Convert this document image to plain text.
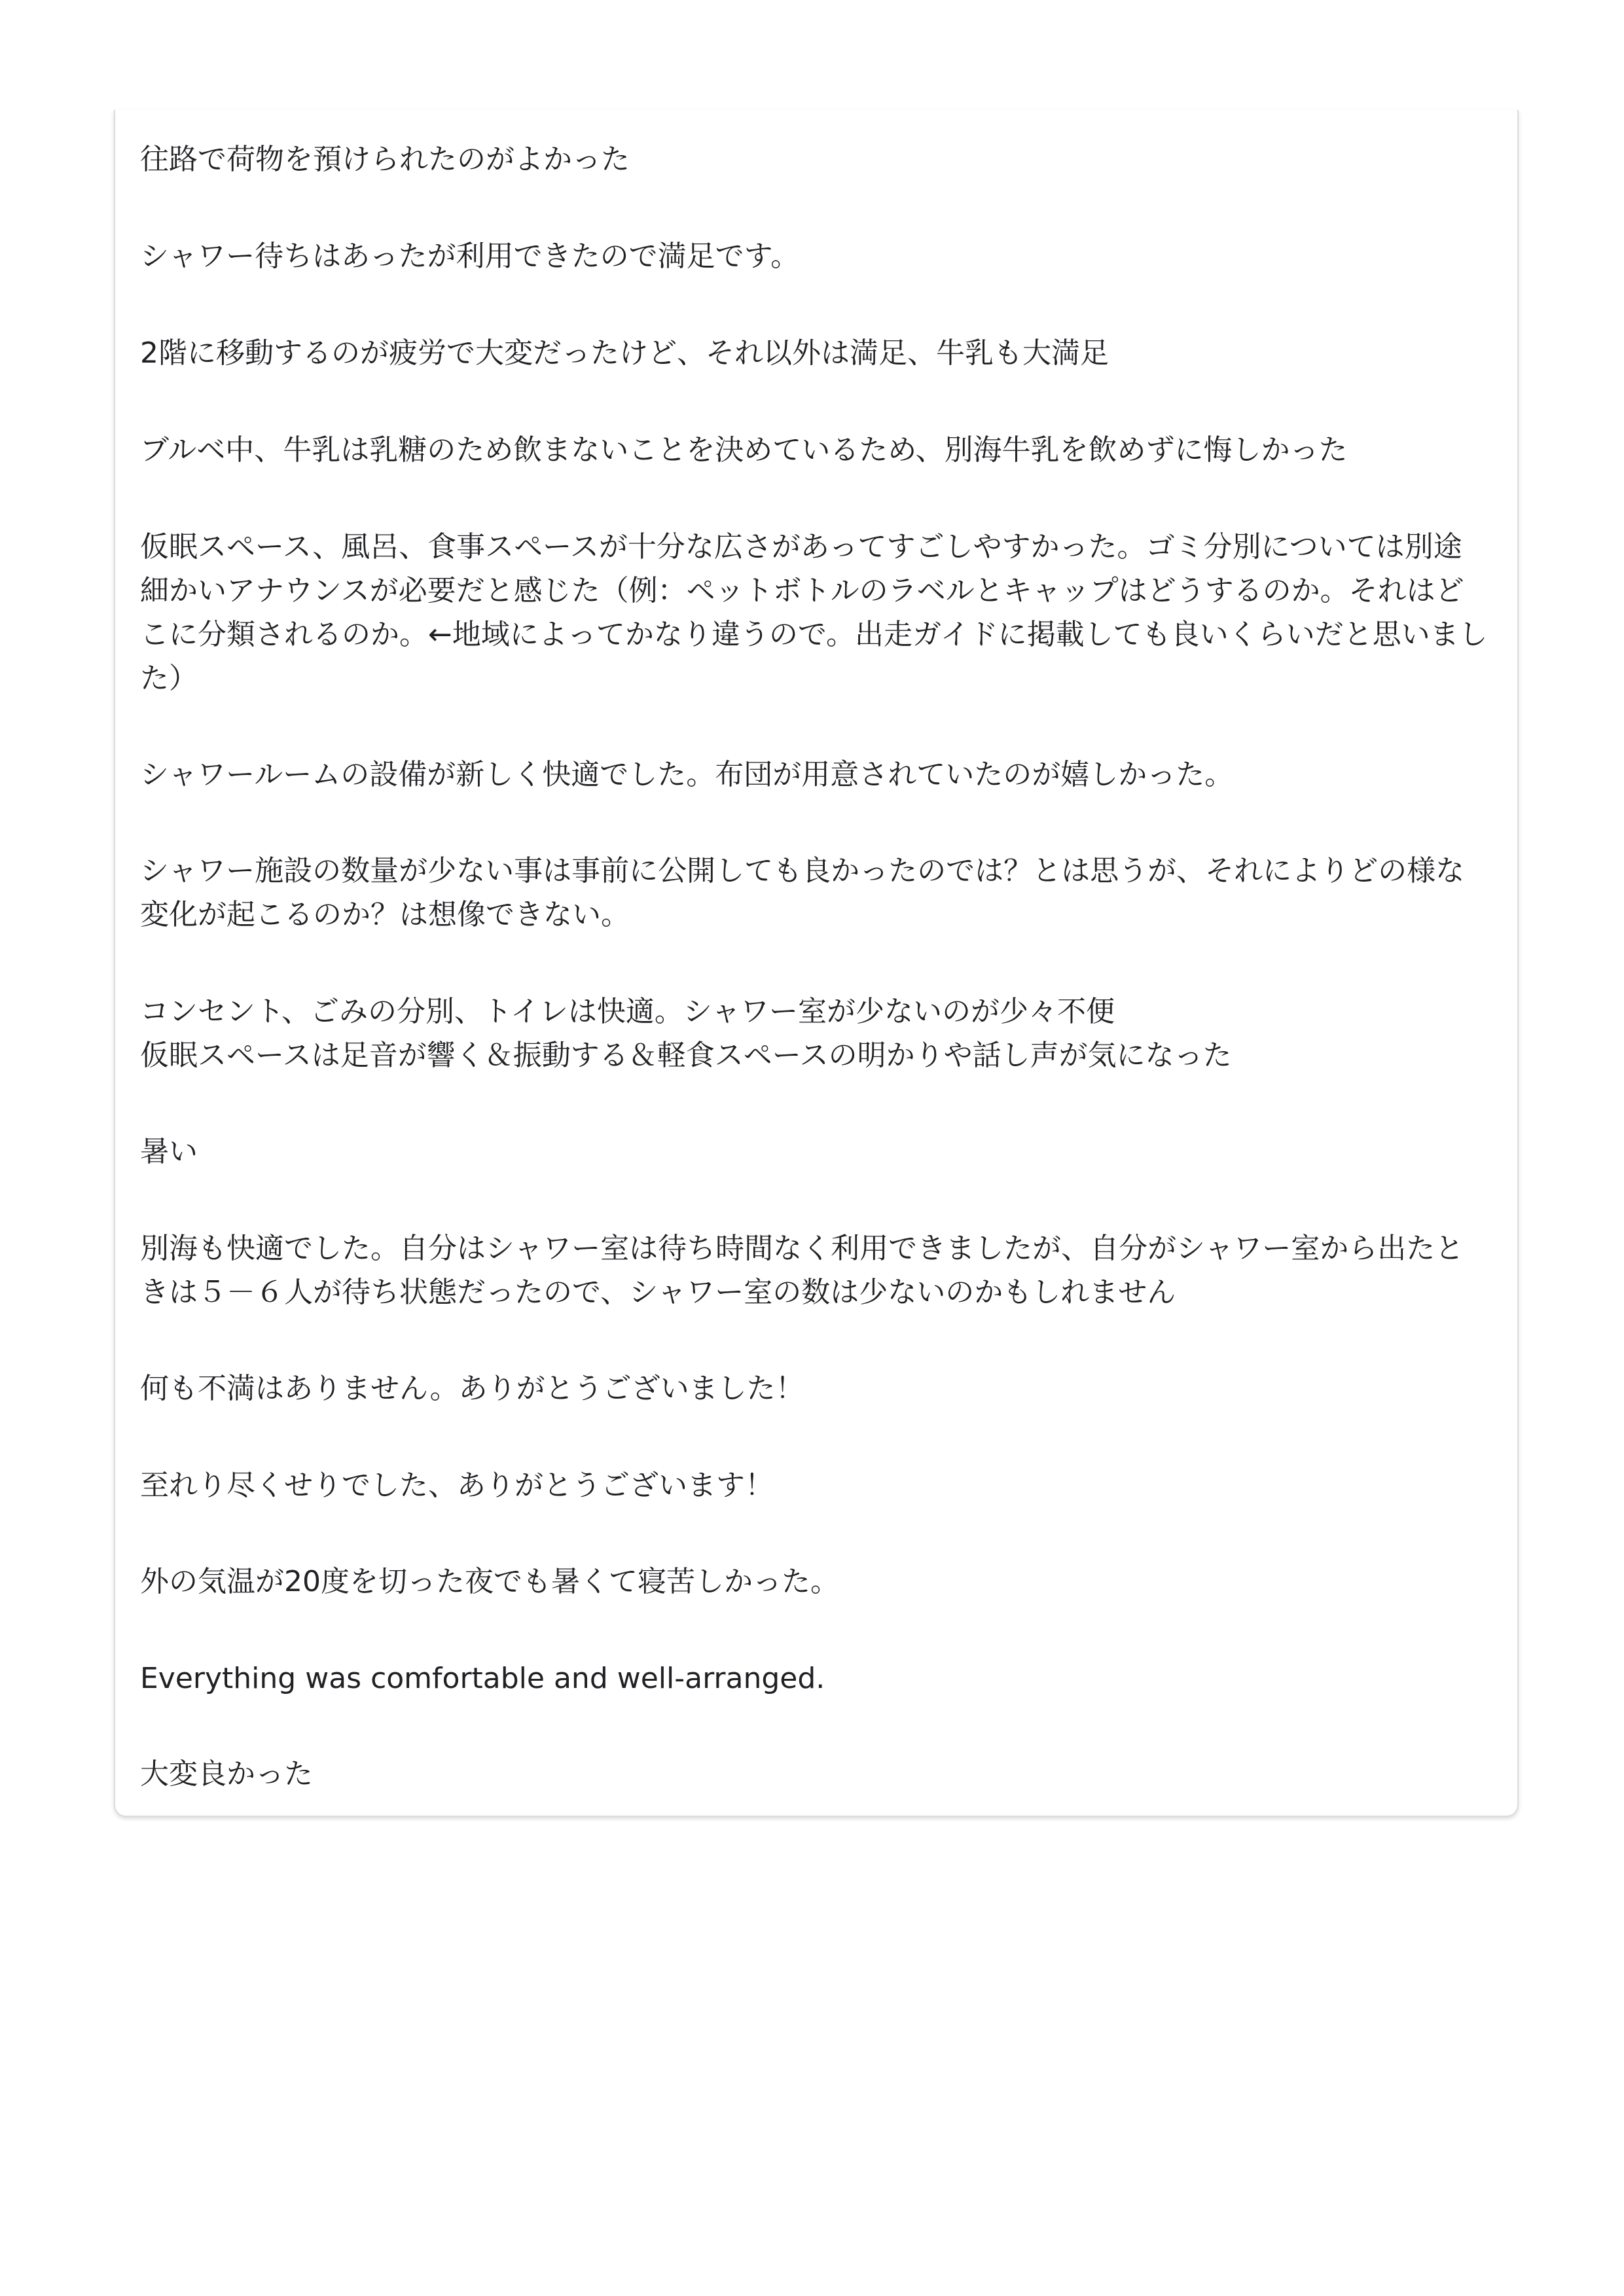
往路で荷物を預けられたのがよかった
シャワー待ちはあったが利用できたので満足です。
2階に移動するのが疲労で大変だったけど、それ以外は満足、牛乳も大満足
ブルベ中、牛乳は乳糖のため飲まないことを決めているため、別海牛乳を飲めずに悔しかった
仮眠スペース、風呂、食事スペースが十分な広さがあってすごしやすかった。ゴミ分別については別途細かいアナウンスが必要だと感じた（例：ペットボトルのラベルとキャップはどうするのか。それはどこに分類されるのか。←地域によってかなり違うので。出走ガイドに掲載しても良いくらいだと思いました）
シャワールームの設備が新しく快適でした。布団が用意されていたのが嬉しかった。
シャワー施設の数量が少ない事は事前に公開しても良かったのでは？とは思うが、それによりどの様な変化が起こるのか？は想像できない。
コンセント、ごみの分別、トイレは快適。シャワー室が少ないのが少々不便
仮眠スペースは足音が響く＆振動する＆軽食スペースの明かりや話し声が気になった
暑い
別海も快適でした。自分はシャワー室は待ち時間なく利用できましたが、自分がシャワー室から出たときは５－６人が待ち状態だったので、シャワー室の数は少ないのかもしれません
何も不満はありません。ありがとうございました！
至れり尽くせりでした、ありがとうございます！
外の気温が20度を切った夜でも暑くて寝苦しかった。
Everything was comfortable and well-arranged.
大変良かった
